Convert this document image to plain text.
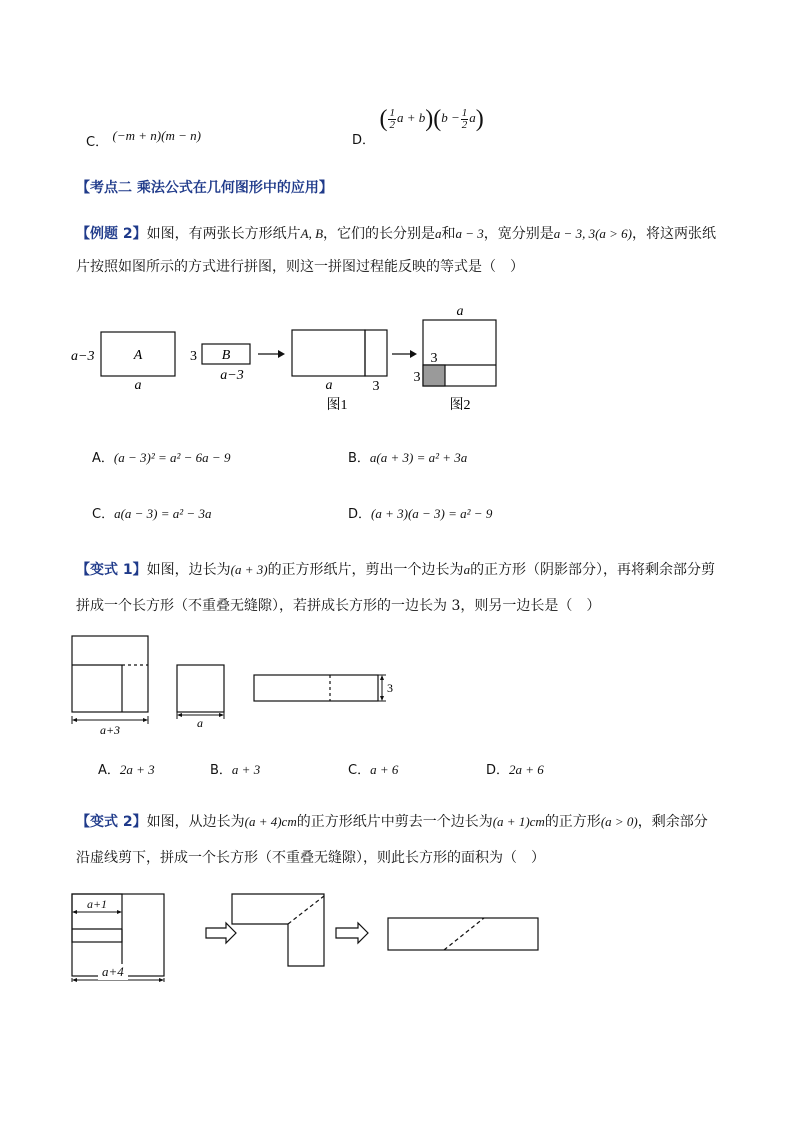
C． (−m + n)(m − n)	D． ( $\frac{1}{2}$ $a + b)(b - \frac{1}{2} a)$
【考点二 乘法公式在几何图形中的应用】
【例题 2】如图，有两张长方形纸片A, B，它们的长分别是a和a − 3，宽分别是a − 3, 3(a > 6)，将这两张纸
片按照如图所示的方式进行拼图，则这一拼图过程能反映的等式是（　）
A
a−3
a
B
3
a−3
a	3
图1
a
3
3
图2
A．(a − 3)² = a² − 6a − 9	B．a(a + 3) = a² + 3a
C．a(a − 3) = a² − 3a	D．(a + 3)(a − 3) = a² − 9
【变式 1】如图，边长为(a + 3)的正方形纸片，剪出一个边长为a的正方形（阴影部分），再将剩余部分剪
拼成一个长方形（不重叠无缝隙），若拼成长方形的一边长为 3，则另一边长是（　）
a+3	a
3
A．2a + 3	B．a + 3	C．a + 6	D．2a + 6
【变式 2】如图，从边长为(a + 4)cm的正方形纸片中剪去一个边长为(a + 1)cm的正方形(a > 0)，剩余部分
沿虚线剪下，拼成一个长方形（不重叠无缝隙），则此长方形的面积为（　）
a+1
a+4
